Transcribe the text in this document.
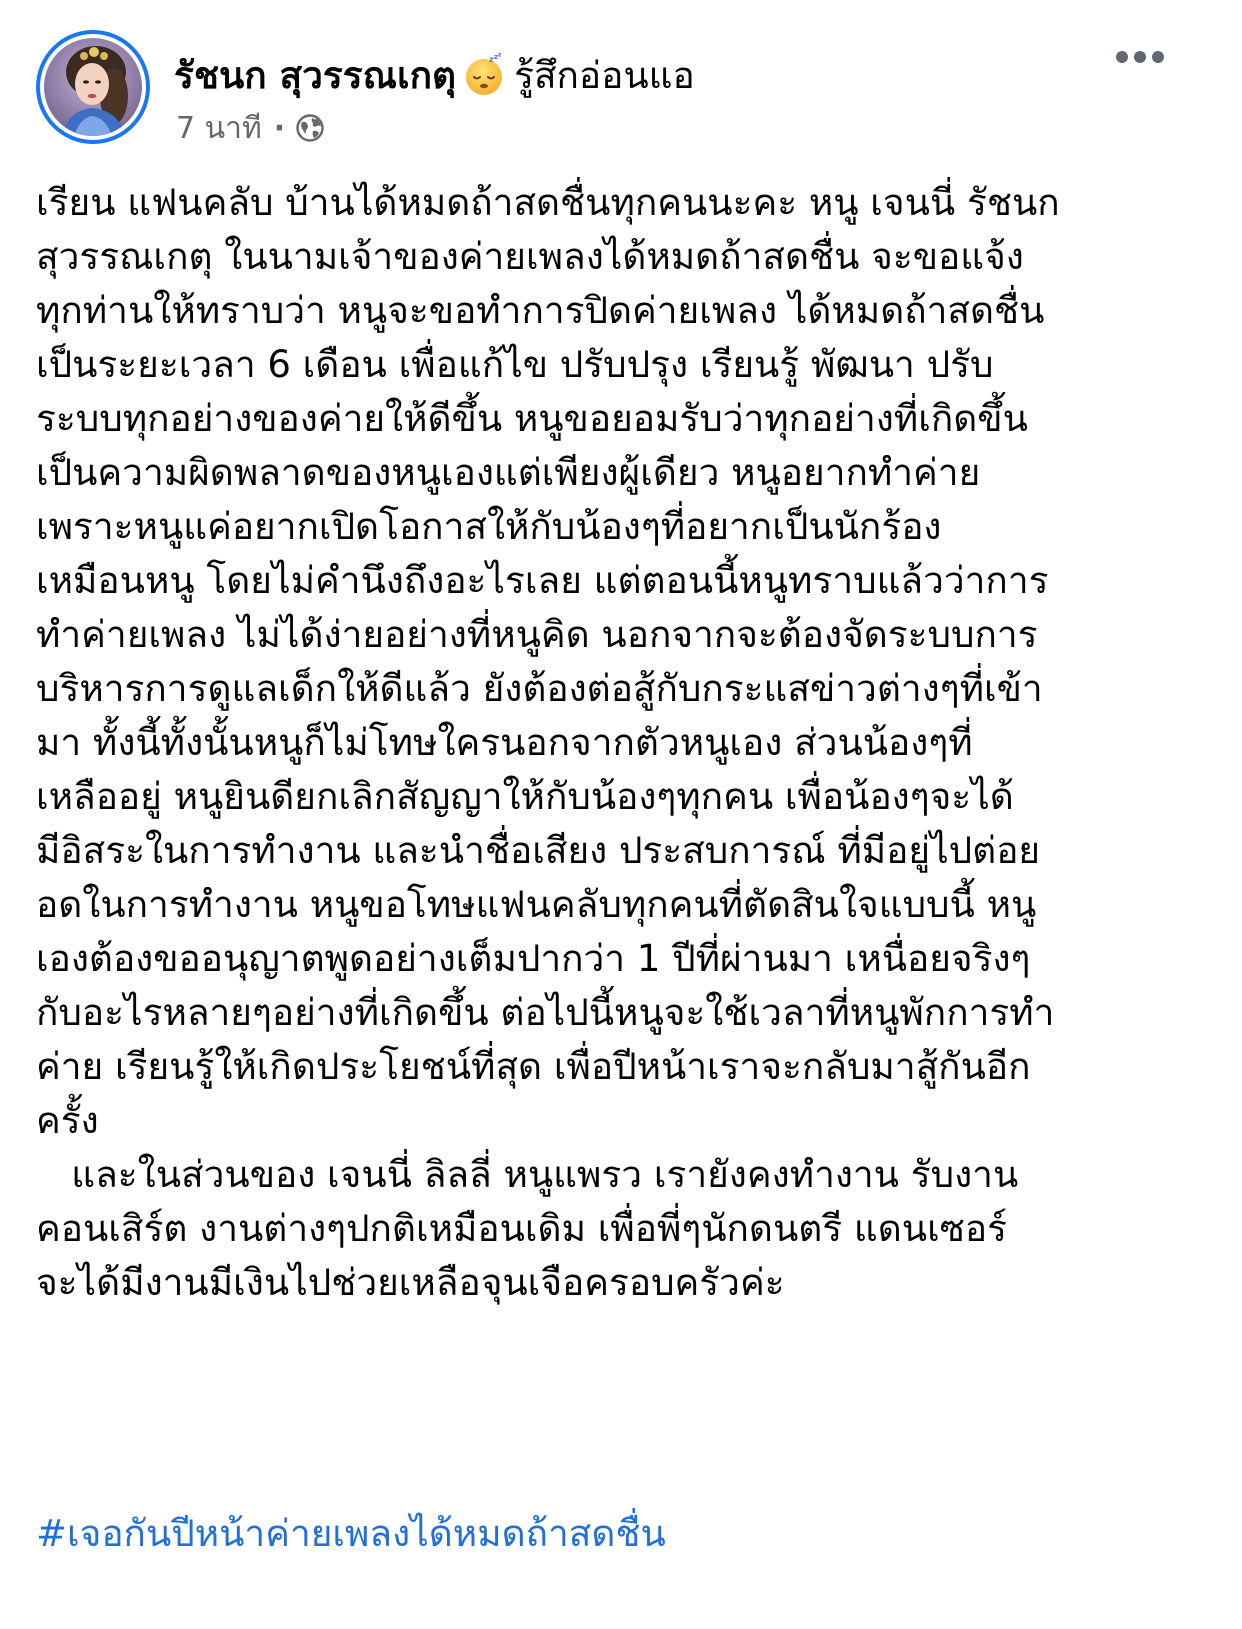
รัชนก สุวรรณเกตุ	z z z รู้สึกอ่อนแอ
7 นาที ·
เรียน แฟนคลับ บ้านได้หมดถ้าสดชื่นทุกคนนะคะ หนู เจนนี่ รัชนก
สุวรรณเกตุ ในนามเจ้าของค่ายเพลงได้หมดถ้าสดชื่น จะขอแจ้ง
ทุกท่านให้ทราบว่า หนูจะขอทำการปิดค่ายเพลง ได้หมดถ้าสดชื่น
เป็นระยะเวลา 6 เดือน เพื่อแก้ไข ปรับปรุง เรียนรู้ พัฒนา ปรับ
ระบบทุกอย่างของค่ายให้ดีขึ้น หนูขอยอมรับว่าทุกอย่างที่เกิดขึ้น
เป็นความผิดพลาดของหนูเองแต่เพียงผู้เดียว หนูอยากทำค่าย
เพราะหนูแค่อยากเปิดโอกาสให้กับน้องๆที่อยากเป็นนักร้อง
เหมือนหนู โดยไม่คำนึงถึงอะไรเลย แต่ตอนนี้หนูทราบแล้วว่าการ
ทำค่ายเพลง ไม่ได้ง่ายอย่างที่หนูคิด นอกจากจะต้องจัดระบบการ
บริหารการดูแลเด็กให้ดีแล้ว ยังต้องต่อสู้กับกระแสข่าวต่างๆที่เข้า
มา ทั้งนี้ทั้งนั้นหนูก็ไม่โทษใครนอกจากตัวหนูเอง ส่วนน้องๆที่
เหลืออยู่ หนูยินดียกเลิกสัญญาให้กับน้องๆทุกคน เพื่อน้องๆจะได้
มีอิสระในการทำงาน และนำชื่อเสียง ประสบการณ์ ที่มีอยู่ไปต่อย
อดในการทำงาน หนูขอโทษแฟนคลับทุกคนที่ตัดสินใจแบบนี้ หนู
เองต้องขออนุญาตพูดอย่างเต็มปากว่า 1 ปีที่ผ่านมา เหนื่อยจริงๆ
กับอะไรหลายๆอย่างที่เกิดขึ้น ต่อไปนี้หนูจะใช้เวลาที่หนูพักการทำ
ค่าย เรียนรู้ให้เกิดประโยชน์ที่สุด เพื่อปีหน้าเราจะกลับมาสู้กันอีก
ครั้ง
และในส่วนของ เจนนี่ ลิลลี่ หนูแพรว เรายังคงทำงาน รับงาน
คอนเสิร์ต งานต่างๆปกติเหมือนเดิม เพื่อพี่ๆนักดนตรี แดนเซอร์
จะได้มีงานมีเงินไปช่วยเหลือจุนเจือครอบครัวค่ะ
#เจอกันปีหน้าค่ายเพลงได้หมดถ้าสดชื่น
